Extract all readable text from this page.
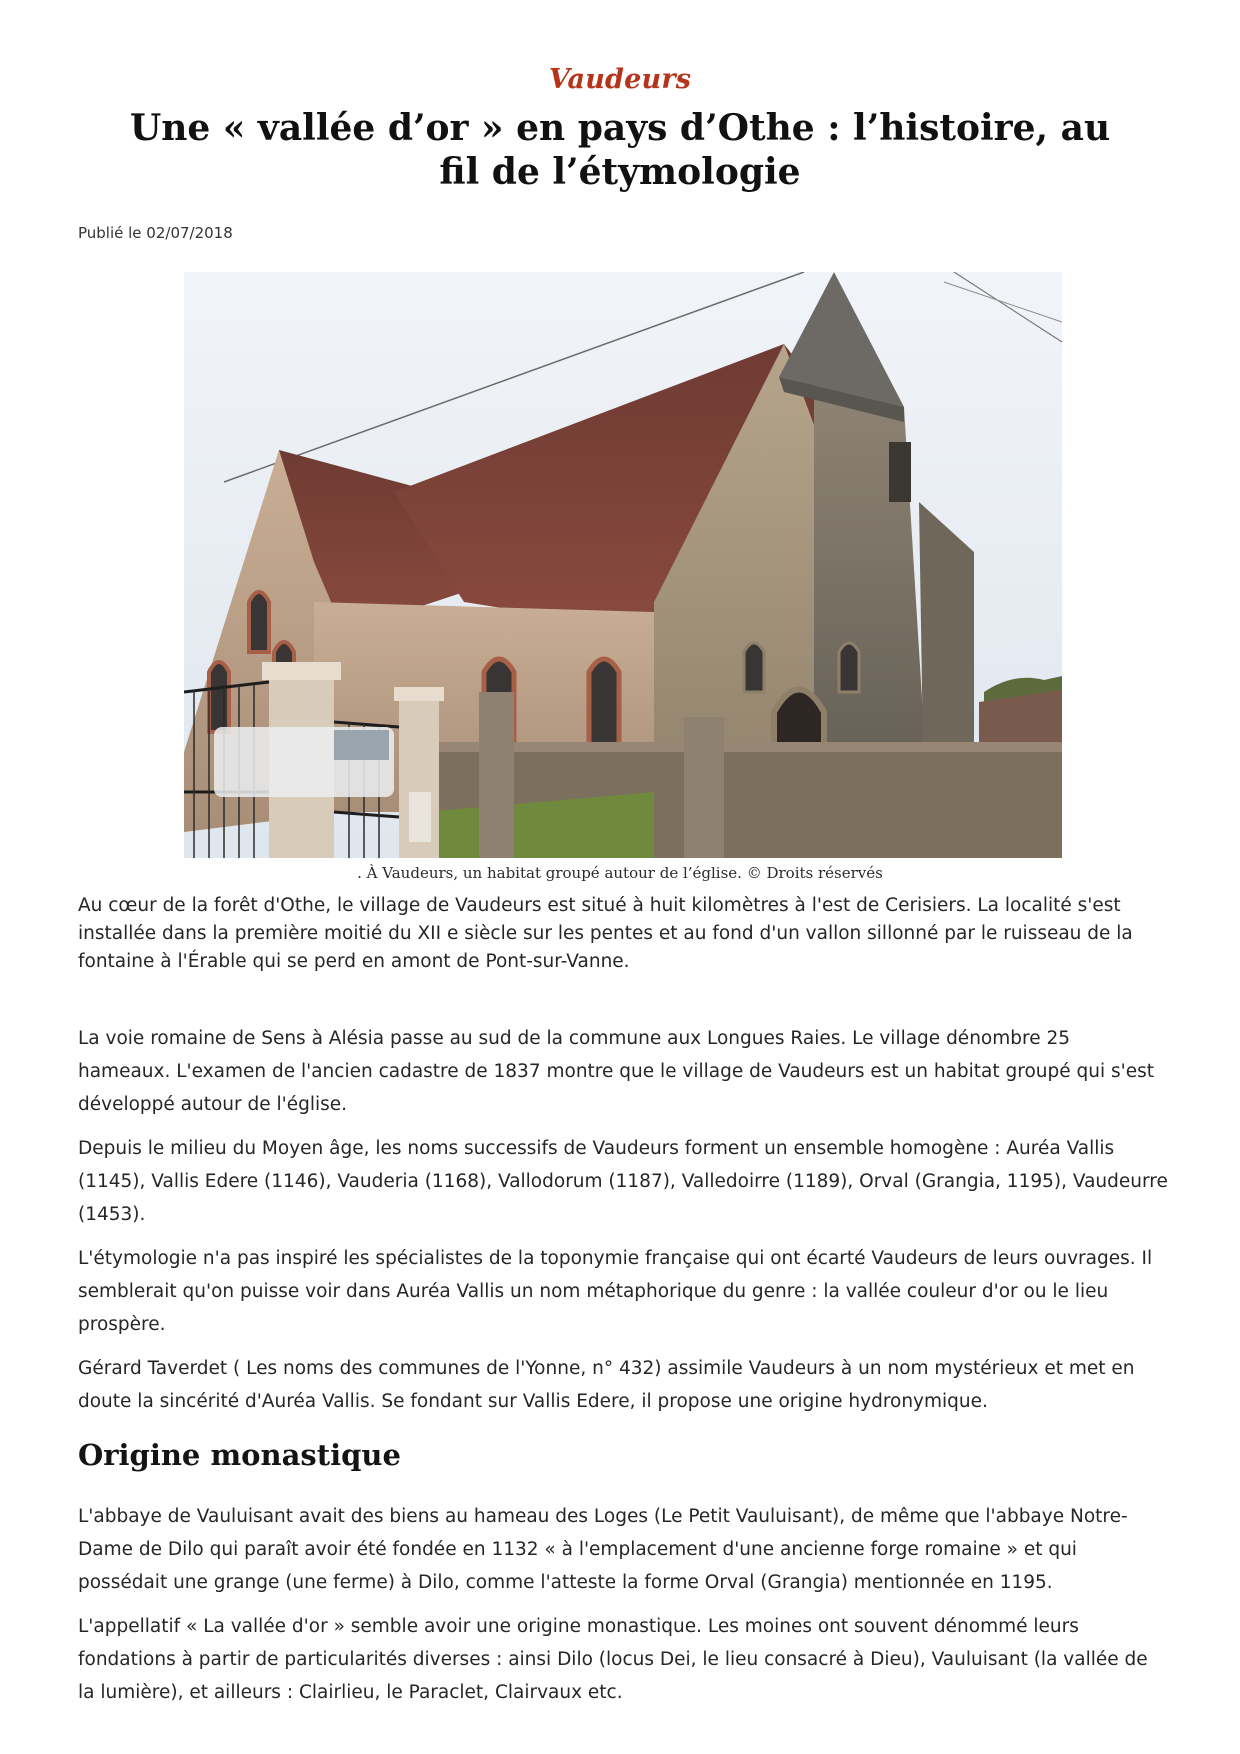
Vaudeurs
Une « vallée d’or » en pays d’Othe : l’histoire, au fil de l’étymologie
Publié le 02/07/2018
. À Vaudeurs, un habitat groupé autour de l’église. © Droits réservés

Au cœur de la forêt d'Othe, le village de Vaudeurs est situé à huit kilomètres à l'est de Cerisiers. La localité s'est installée dans la première moitié du XII e siècle sur les pentes et au fond d'un vallon sillonné par le ruisseau de la fontaine à l'Érable qui se perd en amont de Pont-sur-Vanne.

La voie romaine de Sens à Alésia passe au sud de la commune aux Longues Raies. Le village dénombre 25 hameaux. L'examen de l'ancien cadastre de 1837 montre que le village de Vaudeurs est un habitat groupé qui s'est développé autour de l'église.

Depuis le milieu du Moyen âge, les noms successifs de Vaudeurs forment un ensemble homogène : Auréa Vallis (1145), Vallis Edere (1146), Vauderia (1168), Vallodorum (1187), Valledoirre (1189), Orval (Grangia, 1195), Vaudeurre (1453).

L'étymologie n'a pas inspiré les spécialistes de la toponymie française qui ont écarté Vaudeurs de leurs ouvrages. Il semblerait qu'on puisse voir dans Auréa Vallis un nom métaphorique du genre : la vallée couleur d'or ou le lieu prospère.

Gérard Taverdet ( Les noms des communes de l'Yonne, n° 432) assimile Vaudeurs à un nom mystérieux et met en doute la sincérité d'Auréa Vallis. Se fondant sur Vallis Edere, il propose une origine hydronymique.

Origine monastique

L'abbaye de Vauluisant avait des biens au hameau des Loges (Le Petit Vauluisant), de même que l'abbaye Notre-Dame de Dilo qui paraît avoir été fondée en 1132 « à l'emplacement d'une ancienne forge romaine » et qui possédait une grange (une ferme) à Dilo, comme l'atteste la forme Orval (Grangia) mentionnée en 1195.

L'appellatif « La vallée d'or » semble avoir une origine monastique. Les moines ont souvent dénommé leurs fondations à partir de particularités diverses : ainsi Dilo (locus Dei, le lieu consacré à Dieu), Vauluisant (la vallée de la lumière), et ailleurs : Clairlieu, le Paraclet, Clairvaux etc.
